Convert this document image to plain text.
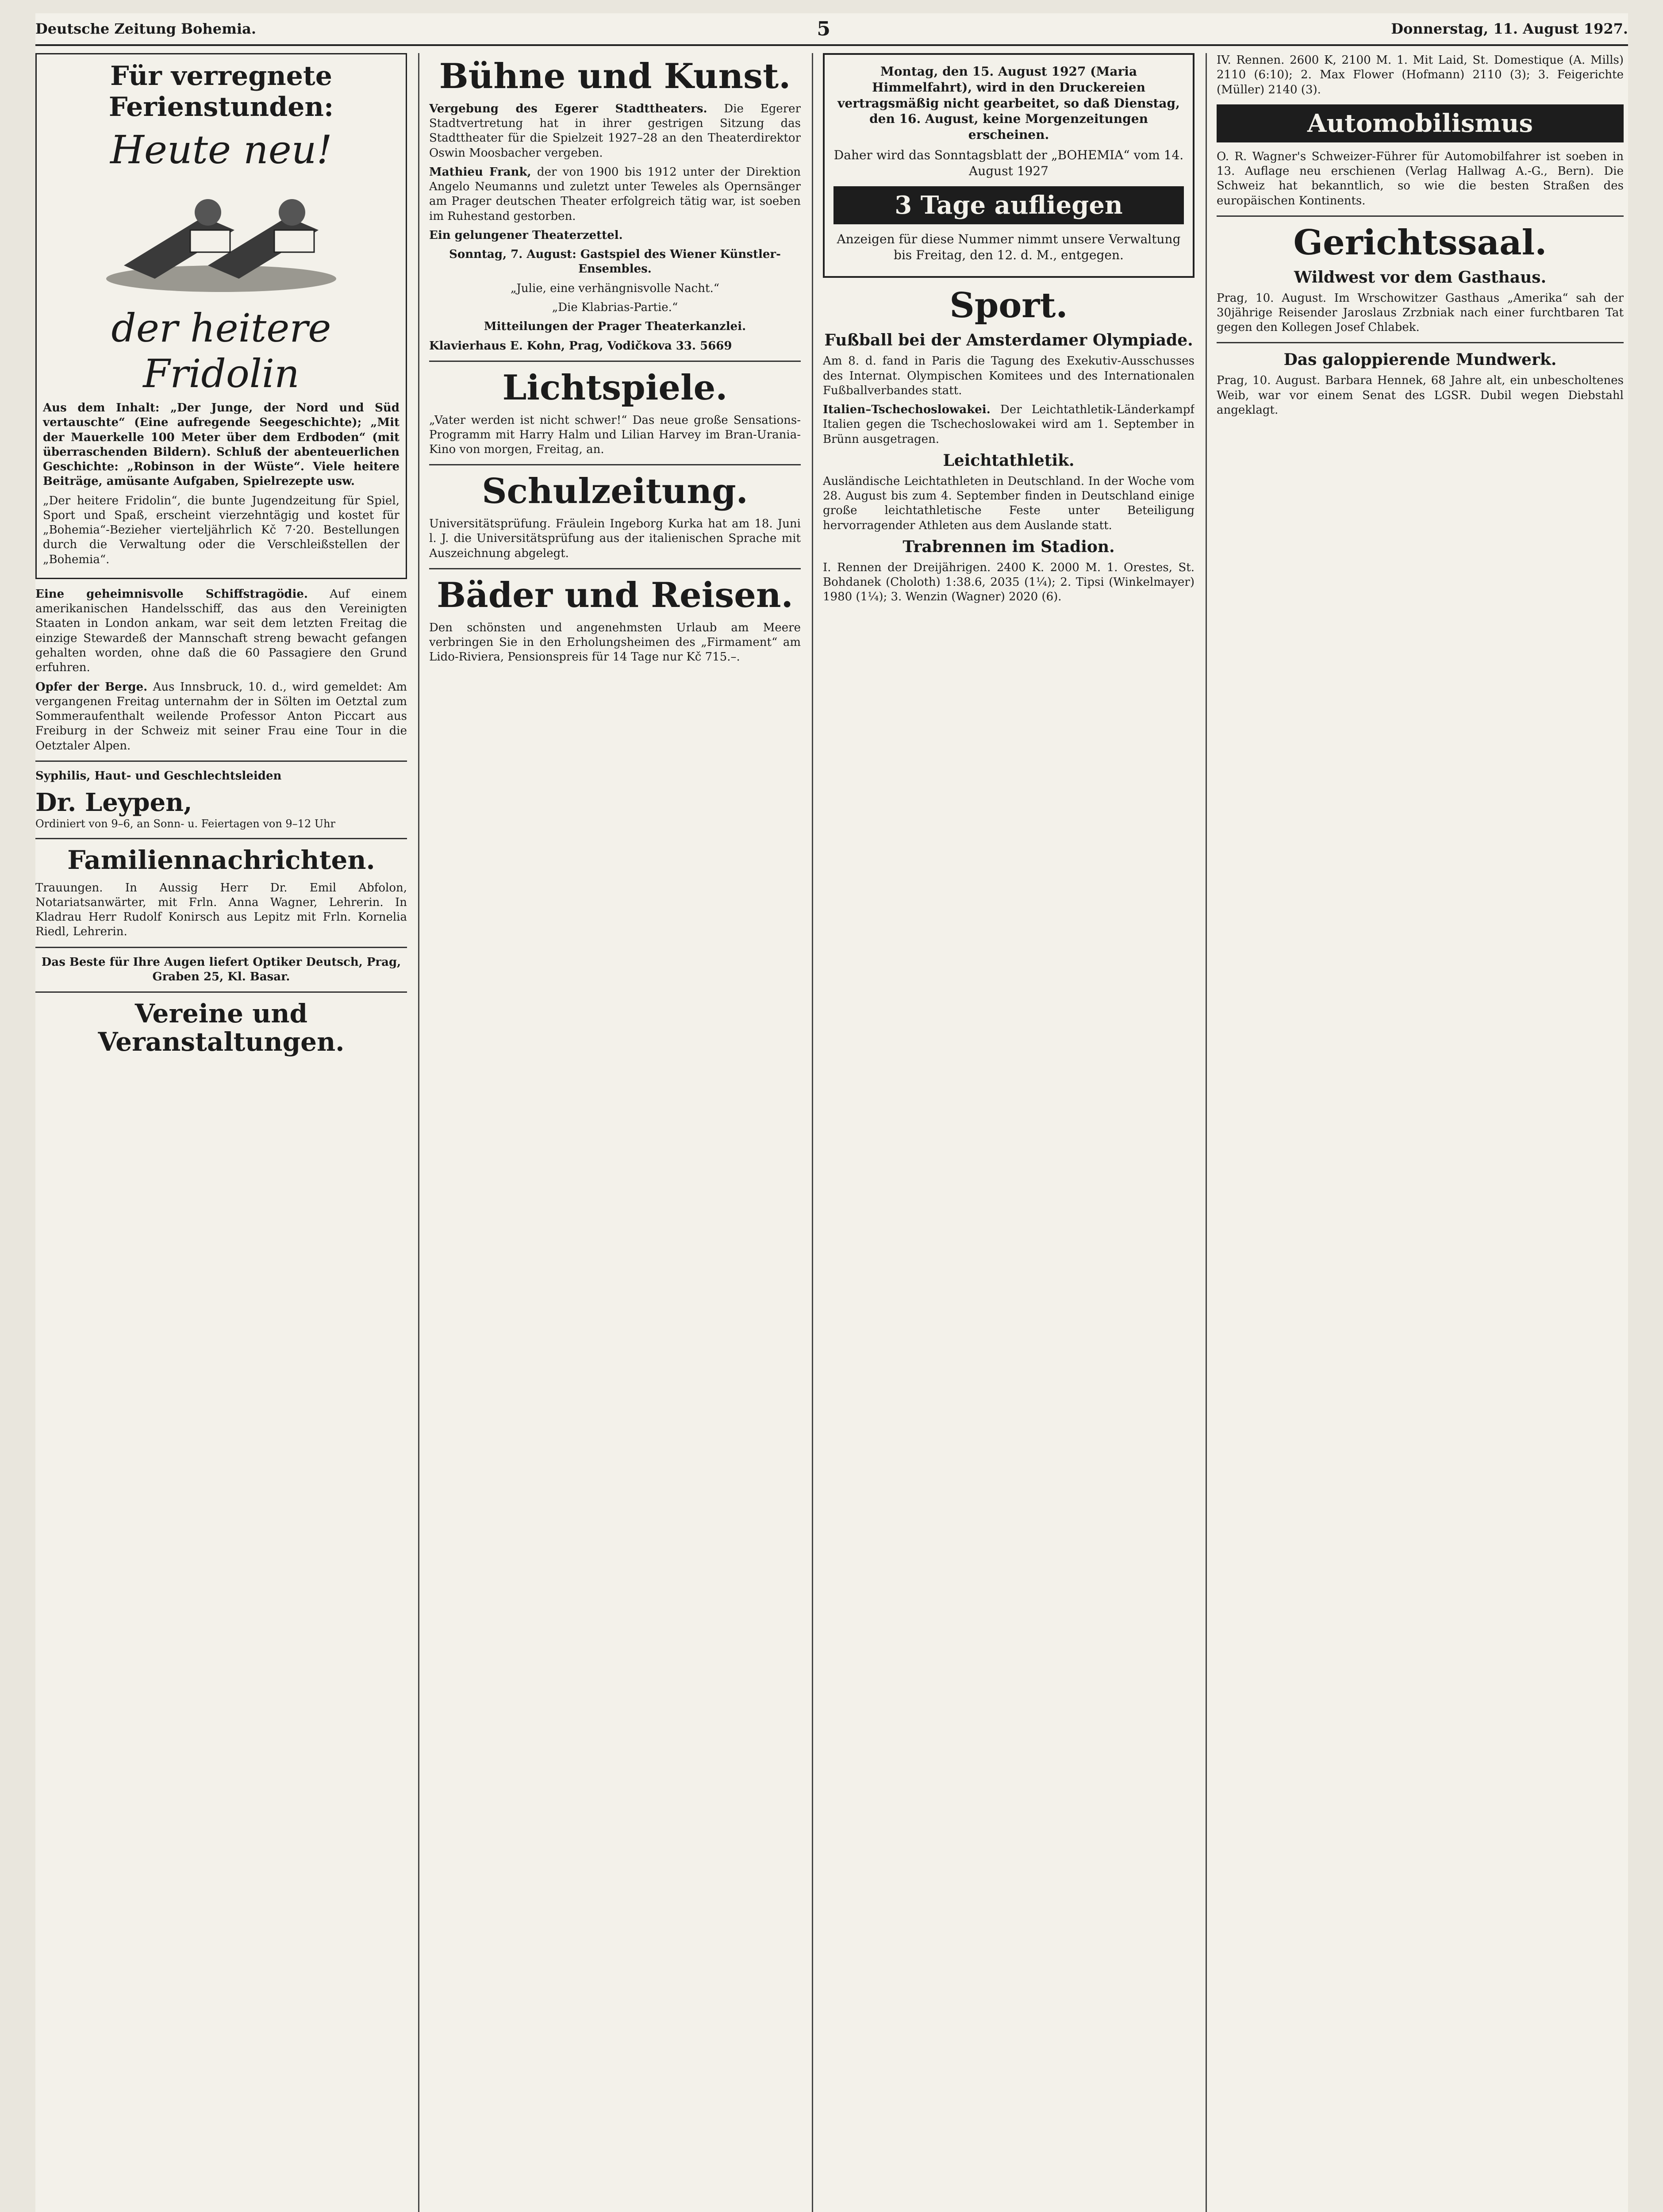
Deutsche Zeitung Bohemia.	5	Donnerstag, 11. August 1927.
Für verregnete Ferienstunden:
Heute neu!
der heitere Fridolin

Aus dem Inhalt: „Der Junge, der Nord und Süd vertauschte“ (Eine aufregende Seegeschichte); „Mit der Mauerkelle 100 Meter über dem Erdboden“ (mit überraschenden Bildern). Schluß der abenteuerlichen Geschichte: „Robinson in der Wüste“. Viele heitere Beiträge, amüsante Aufgaben, Spielrezepte usw.

„Der heitere Fridolin“, die bunte Jugendzeitung für Spiel, Sport und Spaß, erscheint vierzehntägig und kostet für „Bohemia“-Bezieher vierteljährlich Kč 7·20. Bestellungen durch die Verwaltung oder die Verschleißstellen der „Bohemia“.

Eine geheimnisvolle Schiffstragödie. Auf einem amerikanischen Handelsschiff, das aus den Vereinigten Staaten in London ankam, war seit dem letzten Freitag die einzige Stewardeß der Mannschaft streng bewacht gefangen gehalten worden, ohne daß die 60 Passagiere den Grund erfuhren.

Opfer der Berge. Aus Innsbruck, 10. d., wird gemeldet: Am vergangenen Freitag unternahm der in Sölten im Oetztal zum Sommeraufenthalt weilende Professor Anton Piccart aus Freiburg in der Schweiz mit seiner Frau eine Tour in die Oetztaler Alpen.

Syphilis, Haut- und Geschlechtsleiden

Dr. Leypen,

Ordiniert von 9–6, an Sonn- u. Feiertagen von 9–12 Uhr

Familiennachrichten.

Trauungen. In Aussig Herr Dr. Emil Abfolon, Notariatsanwärter, mit Frln. Anna Wagner, Lehrerin. In Kladrau Herr Rudolf Konirsch aus Lepitz mit Frln. Kornelia Riedl, Lehrerin.

Das Beste für Ihre Augen liefert Optiker Deutsch, Prag, Graben 25, Kl. Basar.

Vereine und Veranstaltungen.
Bühne und Kunst.

Vergebung des Egerer Stadttheaters. Die Egerer Stadtvertretung hat in ihrer gestrigen Sitzung das Stadttheater für die Spielzeit 1927–28 an den Theaterdirektor Oswin Moosbacher vergeben.

Mathieu Frank, der von 1900 bis 1912 unter der Direktion Angelo Neumanns und zuletzt unter Teweles als Opernsänger am Prager deutschen Theater erfolgreich tätig war, ist soeben im Ruhestand gestorben.

Ein gelungener Theaterzettel.

Sonntag, 7. August: Gastspiel des Wiener Künstler-Ensembles.

„Julie, eine verhängnisvolle Nacht.“

„Die Klabrias-Partie.“

Mitteilungen der Prager Theaterkanzlei.

Klavierhaus E. Kohn, Prag, Vodičkova 33. 5669

Lichtspiele.

„Vater werden ist nicht schwer!“ Das neue große Sensations-Programm mit Harry Halm und Lilian Harvey im Bran-Urania-Kino von morgen, Freitag, an.

Schulzeitung.

Universitätsprüfung. Fräulein Ingeborg Kurka hat am 18. Juni l. J. die Universitätsprüfung aus der italienischen Sprache mit Auszeichnung abgelegt.

Bäder und Reisen.

Den schönsten und angenehmsten Urlaub am Meere verbringen Sie in den Erholungsheimen des „Firmament“ am Lido-Riviera, Pensionspreis für 14 Tage nur Kč 715.–.

Montag, den 15. August 1927 (Maria Himmelfahrt), wird in den Druckereien vertragsmäßig nicht gearbeitet, so daß Dienstag, den 16. August, keine Morgenzeitungen erscheinen.

Daher wird das Sonntagsblatt der „BOHEMIA“ vom 14. August 1927

3 Tage aufliegen

Anzeigen für diese Nummer nimmt unsere Verwaltung bis Freitag, den 12. d. M., entgegen.

Sport.
Fußball bei der Amsterdamer Olympiade.

Am 8. d. fand in Paris die Tagung des Exekutiv-Ausschusses des Internat. Olympischen Komitees und des Internationalen Fußballverbandes statt.

Italien–Tschechoslowakei. Der Leichtathletik-Länderkampf Italien gegen die Tschechoslowakei wird am 1. September in Brünn ausgetragen.

Leichtathletik.

Ausländische Leichtathleten in Deutschland. In der Woche vom 28. August bis zum 4. September finden in Deutschland einige große leichtathletische Feste unter Beteiligung hervorragender Athleten aus dem Auslande statt.

Trabrennen im Stadion.

I. Rennen der Dreijährigen. 2400 K. 2000 M. 1. Orestes, St. Bohdanek (Choloth) 1:38.6, 2035 (1¼); 2. Tipsi (Winkelmayer) 1980 (1¼); 3. Wenzin (Wagner) 2020 (6).

IV. Rennen. 2600 K, 2100 M. 1. Mit Laid, St. Domestique (A. Mills) 2110 (6:10); 2. Max Flower (Hofmann) 2110 (3); 3. Feigerichte (Müller) 2140 (3).

Automobilismus

O. R. Wagner's Schweizer-Führer für Automobilfahrer ist soeben in 13. Auflage neu erschienen (Verlag Hallwag A.-G., Bern). Die Schweiz hat bekanntlich, so wie die besten Straßen des europäischen Kontinents.

Gerichtssaal.
Wildwest vor dem Gasthaus.

Prag, 10. August. Im Wrschowitzer Gasthaus „Amerika“ sah der 30jährige Reisender Jaroslaus Zrzbniak nach einer furchtbaren Tat gegen den Kollegen Josef Chlabek.

Das galoppierende Mundwerk.

Prag, 10. August. Barbara Hennek, 68 Jahre alt, ein unbescholtenes Weib, war vor einem Senat des LGSR. Dubil wegen Diebstahl angeklagt.
